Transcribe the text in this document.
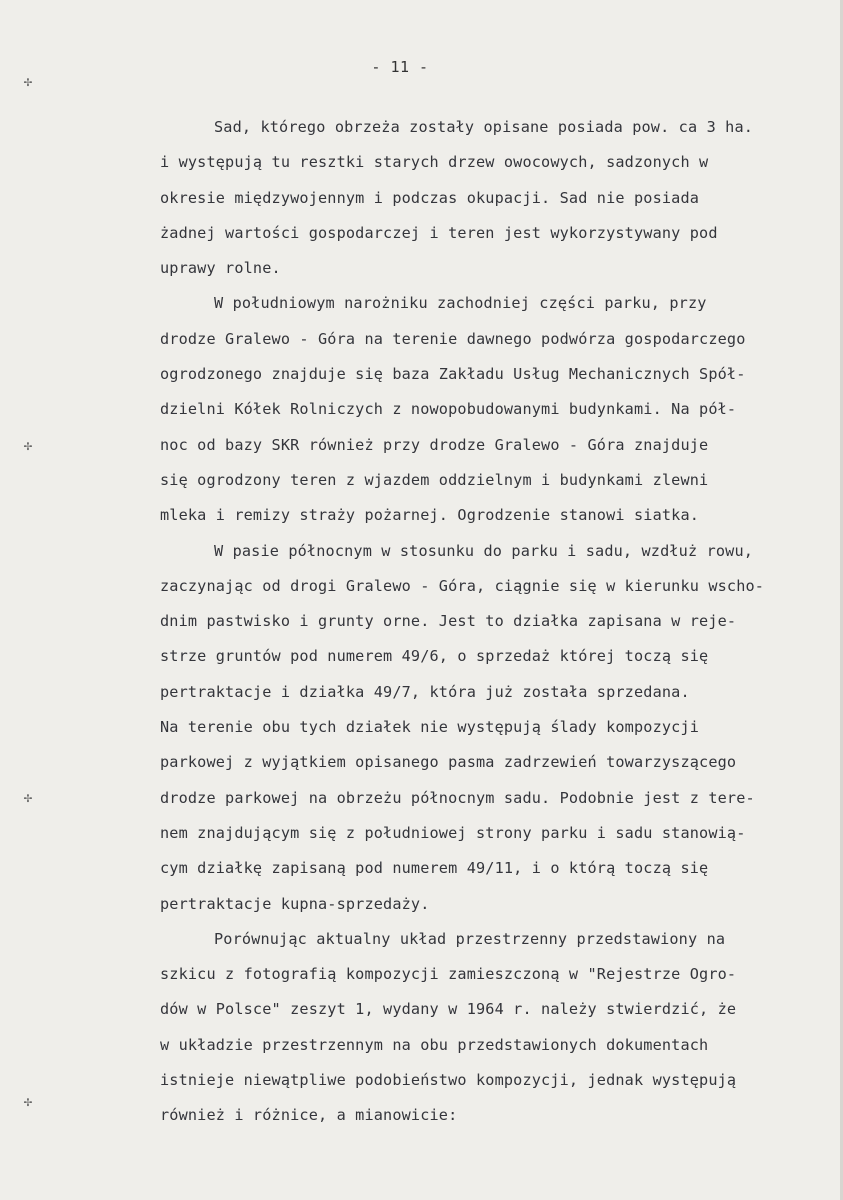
✢
✢
✢
✢
- 11 -
Sad, którego obrzeża zostały opisane posiada pow. ca 3 ha.
i występują tu resztki starych drzew owocowych, sadzonych w
okresie międzywojennym i podczas okupacji. Sad nie posiada
żadnej wartości gospodarczej i teren jest wykorzystywany pod
uprawy rolne.
W południowym narożniku zachodniej części parku, przy
drodze Gralewo - Góra na terenie dawnego podwórza gospodarczego
ogrodzonego znajduje się baza Zakładu Usług Mechanicznych Spół-
dzielni Kółek Rolniczych z nowopobudowanymi budynkami. Na pół-
noc od bazy SKR również przy drodze Gralewo - Góra znajduje
się ogrodzony teren z wjazdem oddzielnym i budynkami zlewni
mleka i remizy straży pożarnej. Ogrodzenie stanowi siatka.
W pasie północnym w stosunku do parku i sadu, wzdłuż rowu,
zaczynając od drogi Gralewo - Góra, ciągnie się w kierunku wscho-
dnim pastwisko i grunty orne. Jest to działka zapisana w reje-
strze gruntów pod numerem 49/6, o sprzedaż której toczą się
pertraktacje i działka 49/7, która już została sprzedana.
Na terenie obu tych działek nie występują ślady kompozycji
parkowej z wyjątkiem opisanego pasma zadrzewień towarzyszącego
drodze parkowej na obrzeżu północnym sadu. Podobnie jest z tere-
nem znajdującym się z południowej strony parku i sadu stanowią-
cym działkę zapisaną pod numerem 49/11, i o którą toczą się
pertraktacje kupna-sprzedaży.
Porównując aktualny układ przestrzenny przedstawiony na
szkicu z fotografią kompozycji zamieszczoną w "Rejestrze Ogro-
dów w Polsce" zeszyt 1, wydany w 1964 r. należy stwierdzić, że
w układzie przestrzennym na obu przedstawionych dokumentach
istnieje niewątpliwe podobieństwo kompozycji, jednak występują
również i różnice, a mianowicie:
